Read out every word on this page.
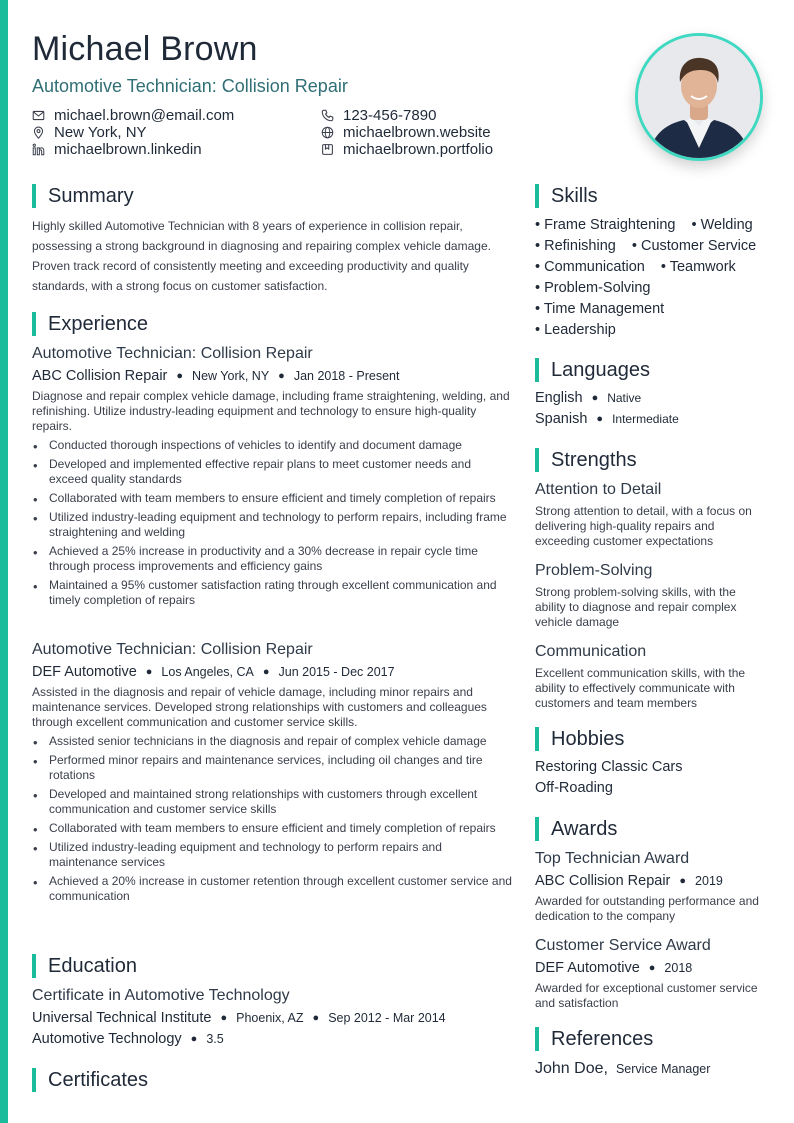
Michael Brown
Automotive Technician: Collision Repair
michael.brown@email.com
New York, NY
michaelbrown.linkedin
123-456-7890
michaelbrown.website
michaelbrown.portfolio
Summary
Highly skilled Automotive Technician with 8 years of experience in collision repair, possessing a strong background in diagnosing and repairing complex vehicle damage. Proven track record of consistently meeting and exceeding productivity and quality standards, with a strong focus on customer satisfaction.
Experience
Automotive Technician: Collision Repair
ABC Collision Repair ● New York, NY ● Jan 2018 - Present
Diagnose and repair complex vehicle damage, including frame straightening, welding, and refinishing. Utilize industry-leading equipment and technology to ensure high-quality repairs.
• Conducted thorough inspections of vehicles to identify and document damage
• Developed and implemented effective repair plans to meet customer needs and exceed quality standards
• Collaborated with team members to ensure efficient and timely completion of repairs
• Utilized industry-leading equipment and technology to perform repairs, including frame straightening and welding
• Achieved a 25% increase in productivity and a 30% decrease in repair cycle time through process improvements and efficiency gains
• Maintained a 95% customer satisfaction rating through excellent communication and timely completion of repairs
Automotive Technician: Collision Repair
DEF Automotive ● Los Angeles, CA ● Jun 2015 - Dec 2017
Assisted in the diagnosis and repair of vehicle damage, including minor repairs and maintenance services. Developed strong relationships with customers and colleagues through excellent communication and customer service skills.
• Assisted senior technicians in the diagnosis and repair of complex vehicle damage
• Performed minor repairs and maintenance services, including oil changes and tire rotations
• Developed and maintained strong relationships with customers through excellent communication and customer service skills
• Collaborated with team members to ensure efficient and timely completion of repairs
• Utilized industry-leading equipment and technology to perform repairs and maintenance services
• Achieved a 20% increase in customer retention through excellent customer service and communication
Education
Certificate in Automotive Technology
Universal Technical Institute ● Phoenix, AZ ● Sep 2012 - Mar 2014
Automotive Technology ● 3.5
Certificates
Skills
• Frame Straightening • Welding
• Refinishing • Customer Service
• Communication • Teamwork
• Problem-Solving
• Time Management
• Leadership
Languages
English ● Native
Spanish ● Intermediate
Strengths
Attention to Detail
Strong attention to detail, with a focus on delivering high-quality repairs and exceeding customer expectations
Problem-Solving
Strong problem-solving skills, with the ability to diagnose and repair complex vehicle damage
Communication
Excellent communication skills, with the ability to effectively communicate with customers and team members
Hobbies
Restoring Classic Cars
Off-Roading
Awards
Top Technician Award
ABC Collision Repair ● 2019
Awarded for outstanding performance and dedication to the company
Customer Service Award
DEF Automotive ● 2018
Awarded for exceptional customer service and satisfaction
References
John Doe, Service Manager
